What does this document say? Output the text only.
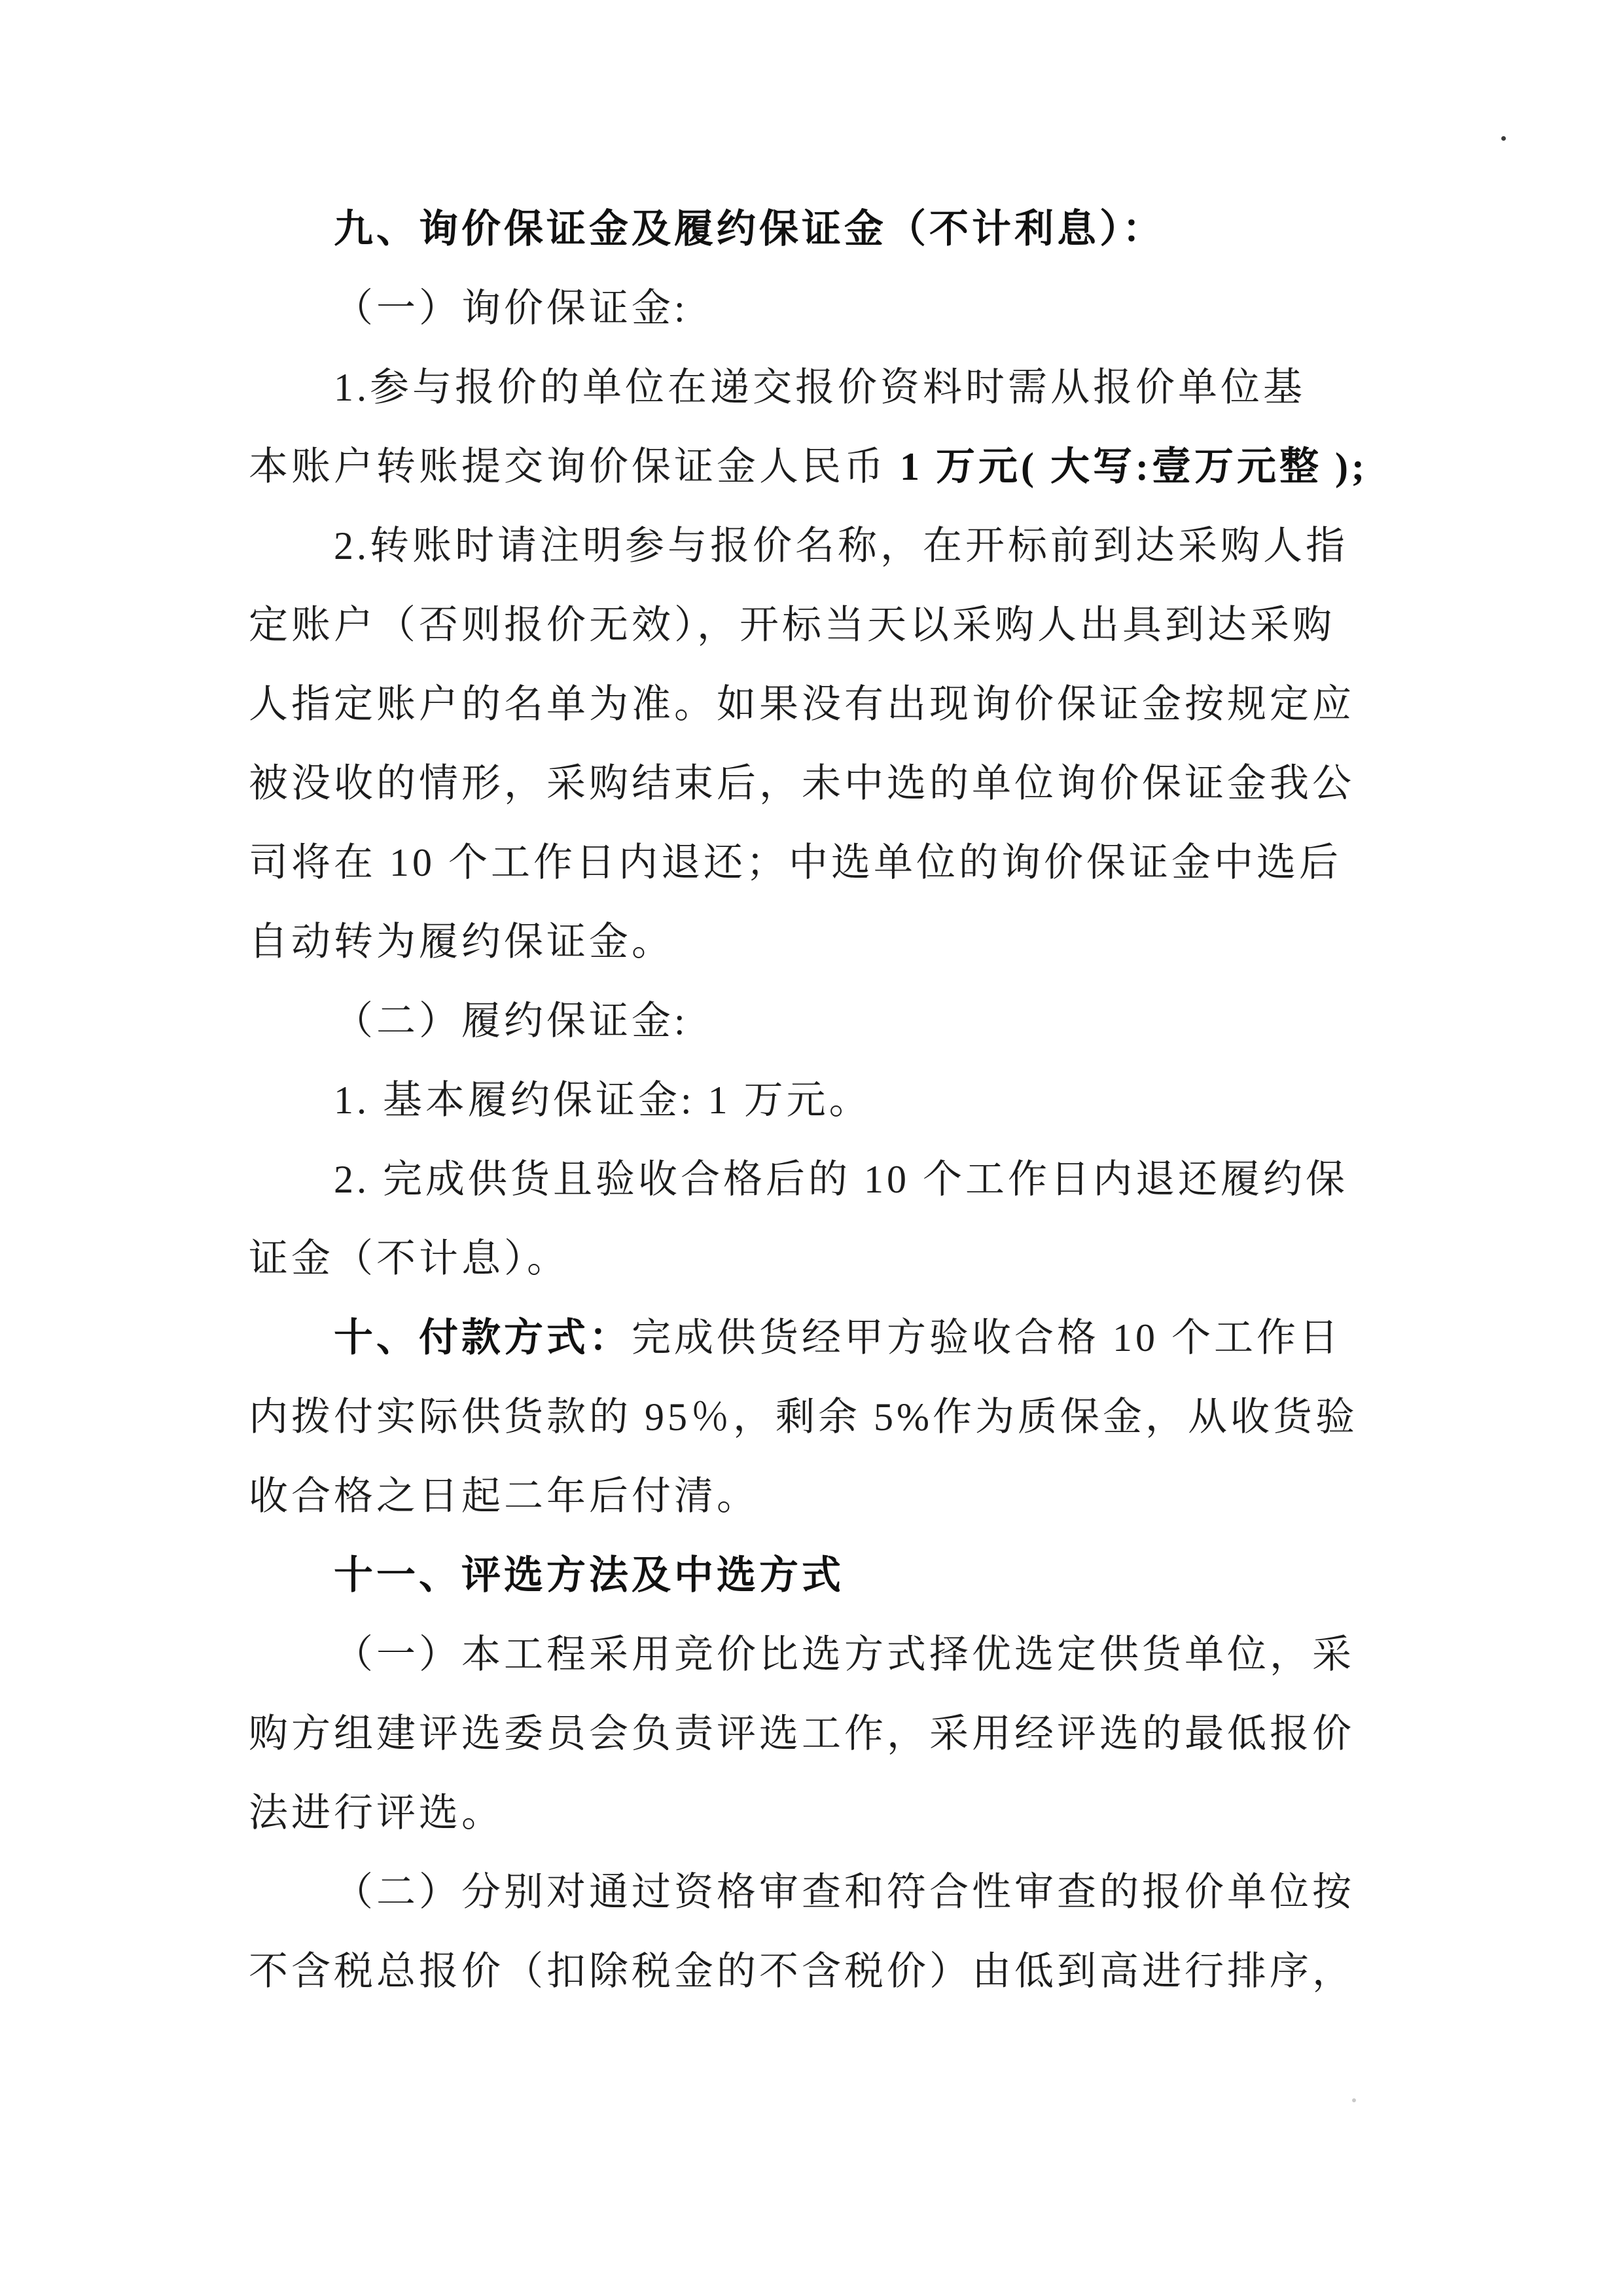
九、询价保证金及履约保证金（不计利息）：
（一）询价保证金:
1.参与报价的单位在递交报价资料时需从报价单位基
本账户转账提交询价保证金人民币 1 万元( 大写:壹万元整 );
2.转账时请注明参与报价名称，在开标前到达采购人指
定账户（否则报价无效），开标当天以采购人出具到达采购
人指定账户的名单为准。如果没有出现询价保证金按规定应
被没收的情形，采购结束后，未中选的单位询价保证金我公
司将在 10 个工作日内退还；中选单位的询价保证金中选后
自动转为履约保证金。
（二）履约保证金:
1. 基本履约保证金: 1 万元。
2. 完成供货且验收合格后的 10 个工作日内退还履约保
证金（不计息）。
十、付款方式：完成供货经甲方验收合格 10 个工作日
内拨付实际供货款的 95％，剩余 5%作为质保金，从收货验
收合格之日起二年后付清。
十一、评选方法及中选方式
（一）本工程采用竞价比选方式择优选定供货单位，采
购方组建评选委员会负责评选工作，采用经评选的最低报价
法进行评选。
（二）分别对通过资格审查和符合性审查的报价单位按
不含税总报价（扣除税金的不含税价）由低到高进行排序，
